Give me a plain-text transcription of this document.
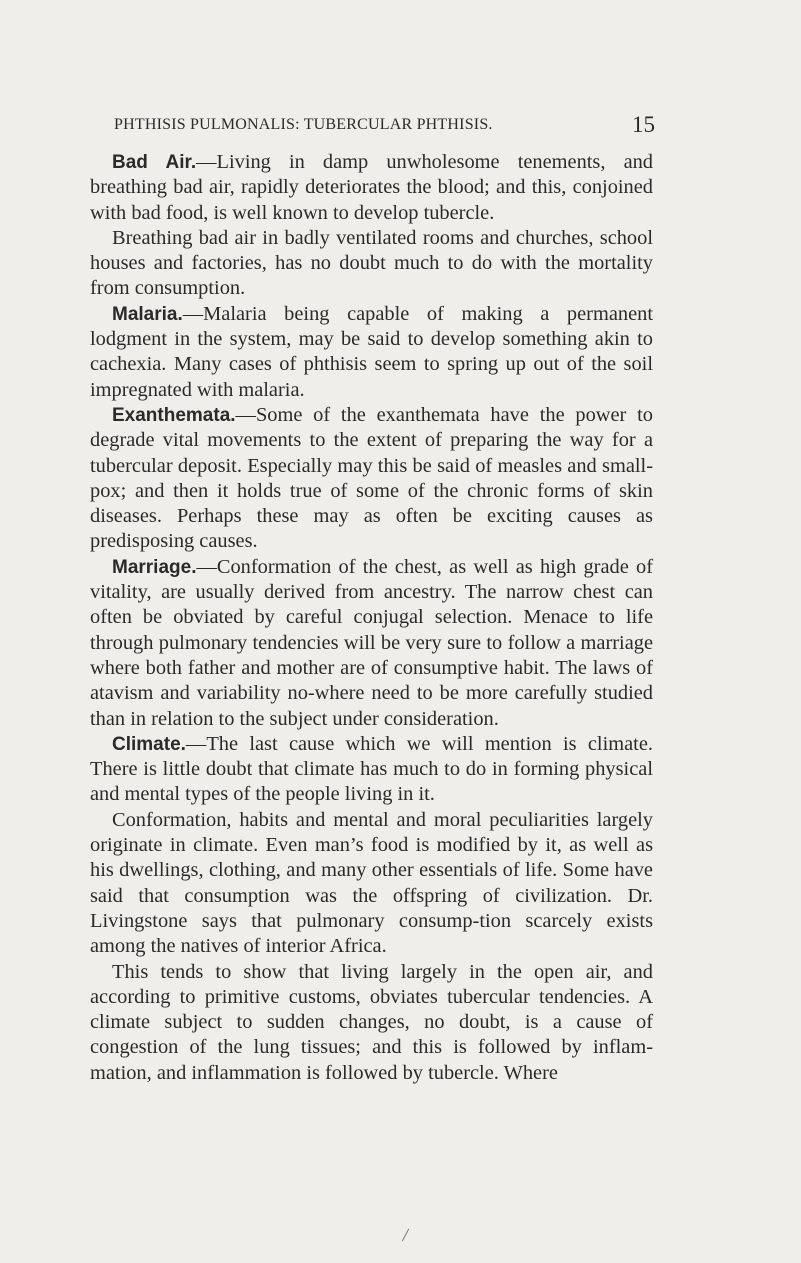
PHTHISIS PULMONALIS: TUBERCULAR PHTHISIS.	15

Bad Air.—Living in damp unwholesome tenements, and breathing bad air, rapidly deteriorates the blood; and this, conjoined with bad food, is well known to develop tubercle.

Breathing bad air in badly ventilated rooms and churches, school houses and factories, has no doubt much to do with the mortality from consumption.

Malaria.—Malaria being capable of making a permanent lodgment in the system, may be said to develop something akin to cachexia. Many cases of phthisis seem to spring up out of the soil impregnated with malaria.

Exanthemata.—Some of the exanthemata have the power to degrade vital movements to the extent of preparing the way for a tubercular deposit. Especially may this be said of measles and small-pox; and then it holds true of some of the chronic forms of skin diseases. Perhaps these may as often be exciting causes as predisposing causes.

Marriage.—Conformation of the chest, as well as high grade of vitality, are usually derived from ancestry. The narrow chest can often be obviated by careful conjugal selection. Menace to life through pulmonary tendencies will be very sure to follow a marriage where both father and mother are of consumptive habit. The laws of atavism and variability no-where need to be more carefully studied than in relation to the subject under consideration.

Climate.—The last cause which we will mention is climate. There is little doubt that climate has much to do in forming physical and mental types of the people living in it.

Conformation, habits and mental and moral peculiarities largely originate in climate. Even man’s food is modified by it, as well as his dwellings, clothing, and many other essentials of life. Some have said that consumption was the offspring of civilization. Dr. Livingstone says that pulmonary consump-tion scarcely exists among the natives of interior Africa.

This tends to show that living largely in the open air, and according to primitive customs, obviates tubercular tendencies. A climate subject to sudden changes, no doubt, is a cause of congestion of the lung tissues; and this is followed by inflam-mation, and inflammation is followed by tubercle. Where
